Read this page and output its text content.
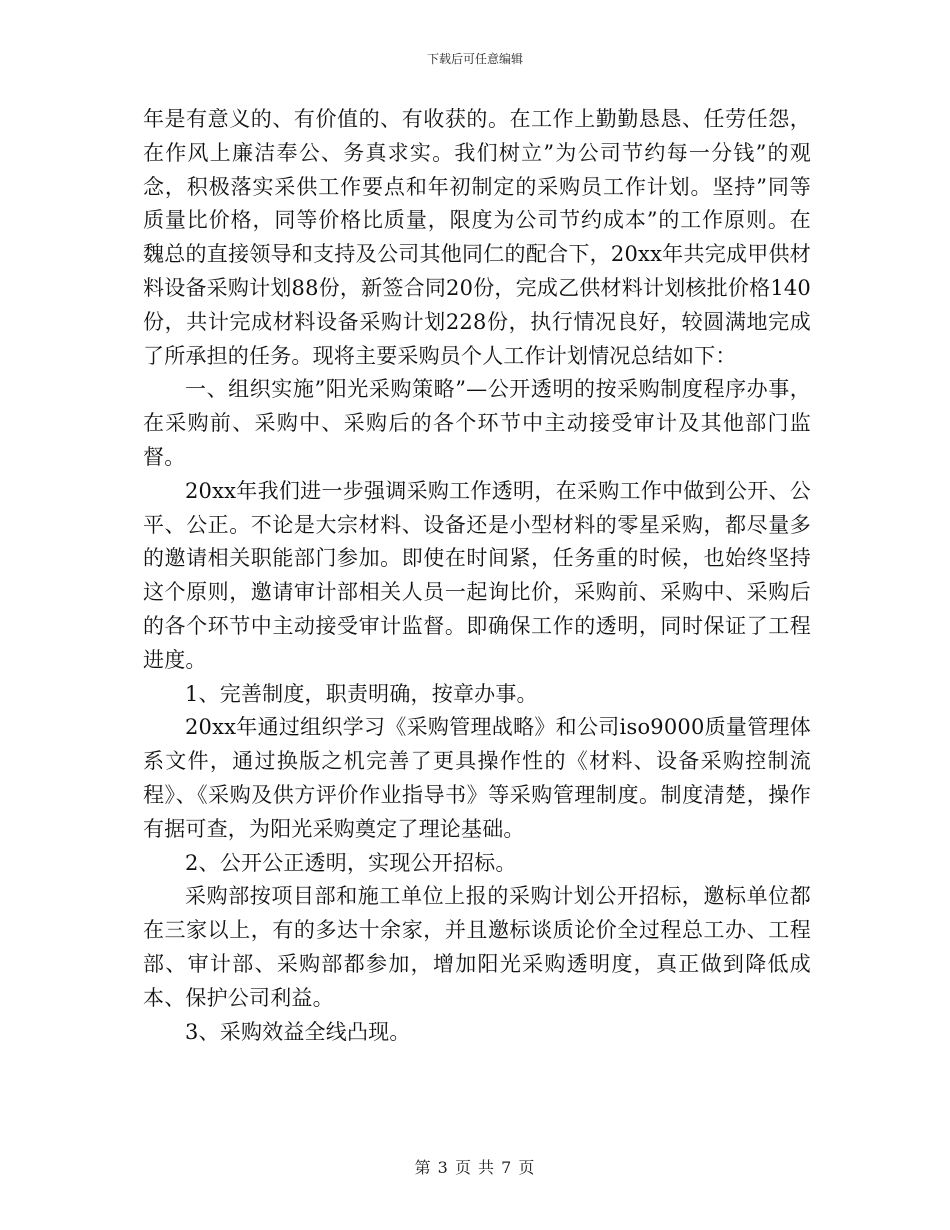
下载后可任意编辑

年是有意义的、有价值的、有收获的。在工作上勤勤恳恳、任劳任怨，在作风上廉洁奉公、务真求实。我们树立”为公司节约每一分钱”的观念，积极落实采供工作要点和年初制定的采购员工作计划。坚持”同等质量比价格，同等价格比质量，限度为公司节约成本”的工作原则。在魏总的直接领导和支持及公司其他同仁的配合下，20xx年共完成甲供材料设备采购计划88份，新签合同20份，完成乙供材料计划核批价格140份，共计完成材料设备采购计划228份，执行情况良好，较圆满地完成了所承担的任务。现将主要采购员个人工作计划情况总结如下：

一、组织实施”阳光采购策略”—公开透明的按采购制度程序办事，在采购前、采购中、采购后的各个环节中主动接受审计及其他部门监督。

20xx年我们进一步强调采购工作透明，在采购工作中做到公开、公平、公正。不论是大宗材料、设备还是小型材料的零星采购，都尽量多的邀请相关职能部门参加。即使在时间紧，任务重的时候，也始终坚持这个原则，邀请审计部相关人员一起询比价，采购前、采购中、采购后的各个环节中主动接受审计监督。即确保工作的透明，同时保证了工程进度。

1、完善制度，职责明确，按章办事。

20xx年通过组织学习《采购管理战略》和公司iso9000质量管理体系文件，通过换版之机完善了更具操作性的《材料、设备采购控制流程》、《采购及供方评价作业指导书》等采购管理制度。制度清楚，操作有据可查，为阳光采购奠定了理论基础。

2、公开公正透明，实现公开招标。

采购部按项目部和施工单位上报的采购计划公开招标，邀标单位都在三家以上，有的多达十余家，并且邀标谈质论价全过程总工办、工程部、审计部、采购部都参加，增加阳光采购透明度，真正做到降低成本、保护公司利益。

3、采购效益全线凸现。

第 3 页 共 7 页
